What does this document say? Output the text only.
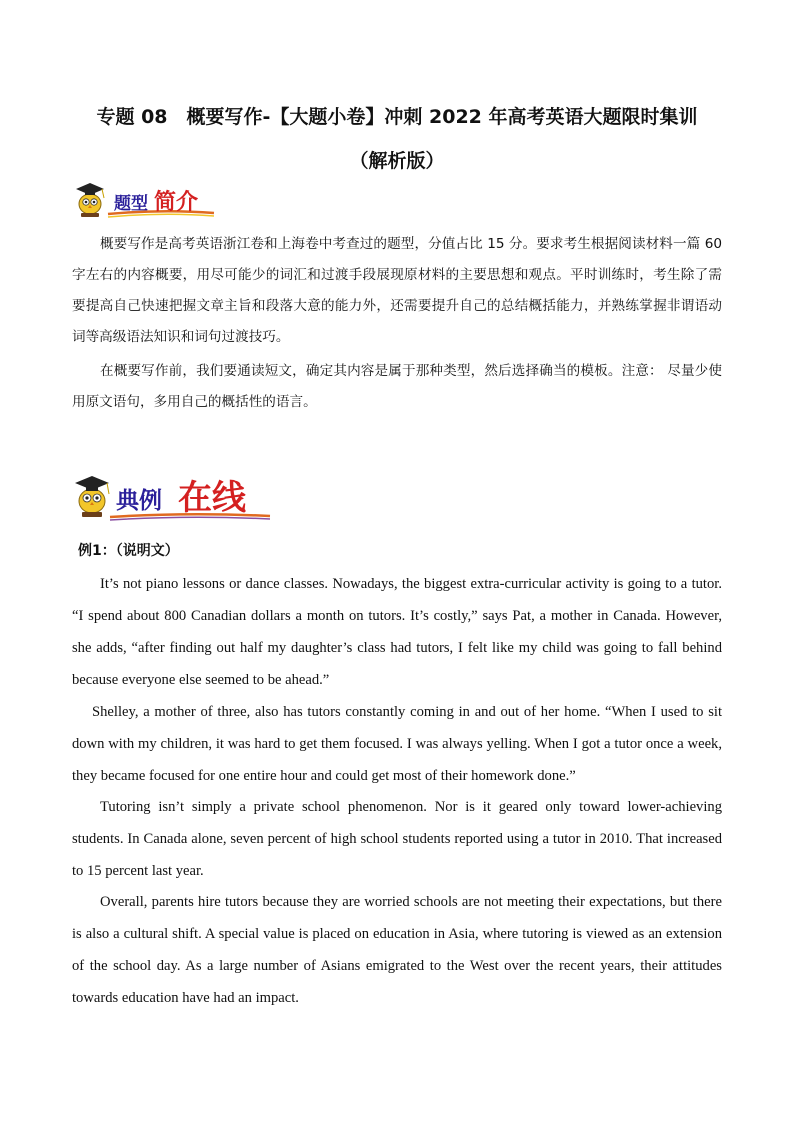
专题 08　概要写作-【大题小卷】冲刺 2022 年高考英语大题限时集训
（解析版）
题型 简介

概要写作是高考英语浙江卷和上海卷中考查过的题型，分值占比 15 分。要求考生根据阅读材料一篇 60 字左右的内容概要，用尽可能少的词汇和过渡手段展现原材料的主要思想和观点。平时训练时，考生除了需要提高自己快速把握文章主旨和段落大意的能力外，还需要提升自己的总结概括能力，并熟练掌握非谓语动词等高级语法知识和词句过渡技巧。

在概要写作前，我们要通读短文，确定其内容是属于那种类型，然后选择确当的模板。注意： 尽量少使用原文语句，多用自己的概括性的语言。

典例 在线

例1：（说明文）

It’s not piano lessons or dance classes. Nowadays, the biggest extra-curricular activity is going to a tutor. “I spend about 800 Canadian dollars a month on tutors. It’s costly,” says Pat, a mother in Canada. However, she adds, “after finding out half my daughter’s class had tutors, I felt like my child was going to fall behind because everyone else seemed to be ahead.”

Shelley, a mother of three, also has tutors constantly coming in and out of her home. “When I used to sit down with my children, it was hard to get them focused. I was always yelling. When I got a tutor once a week, they became focused for one entire hour and could get most of their homework done.”

Tutoring isn’t simply a private school phenomenon. Nor is it geared only toward lower-achieving students. In Canada alone, seven percent of high school students reported using a tutor in 2010. That increased to 15 percent last year.

Overall, parents hire tutors because they are worried schools are not meeting their expectations, but there is also a cultural shift. A special value is placed on education in Asia, where tutoring is viewed as an extension of the school day. As a large number of Asians emigrated to the West over the recent years, their attitudes towards education have had an impact.
